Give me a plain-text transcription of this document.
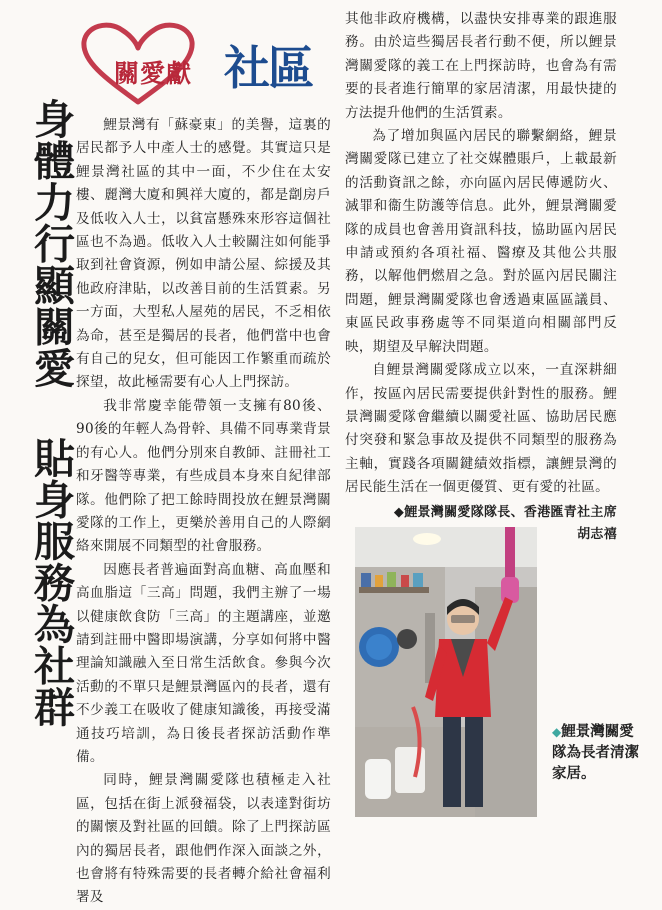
關愛獻 社區
身體力行顯關愛 貼身服務為社群	鯉景灣有「蘇豪東」的美譽，這裏的居民都予人中產人士的感覺。其實這只是鯉景灣社區的其中一面，不少住在太安樓、麗灣大廈和興祥大廈的，都是劏房戶及低收入人士，以貧富懸殊來形容這個社區也不為過。低收入人士較關注如何能爭取到社會資源，例如申請公屋、綜援及其他政府津貼，以改善目前的生活質素。另一方面，大型私人屋苑的居民，不乏相依為命，甚至是獨居的長者，他們當中也會有自己的兒女，但可能因工作繁重而疏於探望，故此極需要有心人上門探訪。

我非常慶幸能帶領一支擁有80後、90後的年輕人為骨幹、具備不同專業背景的有心人。他們分別來自教師、註冊社工和牙醫等專業，有些成員本身來自紀律部隊。他們除了把工餘時間投放在鯉景灣關愛隊的工作上，更樂於善用自己的人際網絡來開展不同類型的社會服務。

因應長者普遍面對高血糖、高血壓和高血脂這「三高」問題，我們主辦了一場以健康飲食防「三高」的主題講座，並邀請到註冊中醫即場演講，分享如何將中醫理論知識融入至日常生活飲食。參與今次活動的不單只是鯉景灣區內的長者，還有不少義工在吸收了健康知識後，再接受滿通技巧培訓，為日後長者探訪活動作準備。

同時，鯉景灣關愛隊也積極走入社區，包括在街上派發福袋，以表達對街坊的關懷及對社區的回饋。除了上門探訪區內的獨居長者，跟他們作深入面談之外，也會將有特殊需要的長者轉介給社會福利署及

其他非政府機構，以盡快安排專業的跟進服務。由於這些獨居長者行動不便，所以鯉景灣關愛隊的義工在上門探訪時，也會為有需要的長者進行簡單的家居清潔，用最快捷的方法提升他們的生活質素。

為了增加與區內居民的聯繫網絡，鯉景灣關愛隊已建立了社交媒體賬戶，上載最新的活動資訊之餘，亦向區內居民傳遞防火、滅罪和衞生防護等信息。此外，鯉景灣關愛隊的成員也會善用資訊科技，協助區內居民申請或預約各項社福、醫療及其他公共服務，以解他們燃眉之急。對於區內居民關注問題，鯉景灣關愛隊也會透過東區區議員、東區民政事務處等不同渠道向相關部門反映，期望及早解決問題。

自鯉景灣關愛隊成立以來，一直深耕細作，按區內居民需要提供針對性的服務。鯉景灣關愛隊會繼續以關愛社區、協助居民應付突發和緊急事故及提供不同類型的服務為主軸，實踐各項關鍵績效指標，讓鯉景灣的居民能生活在一個更優質、更有愛的社區。

◆鯉景灣關愛隊隊長、香港匯青社主席
胡志禧
◆鯉景灣關愛隊為長者清潔家居。
